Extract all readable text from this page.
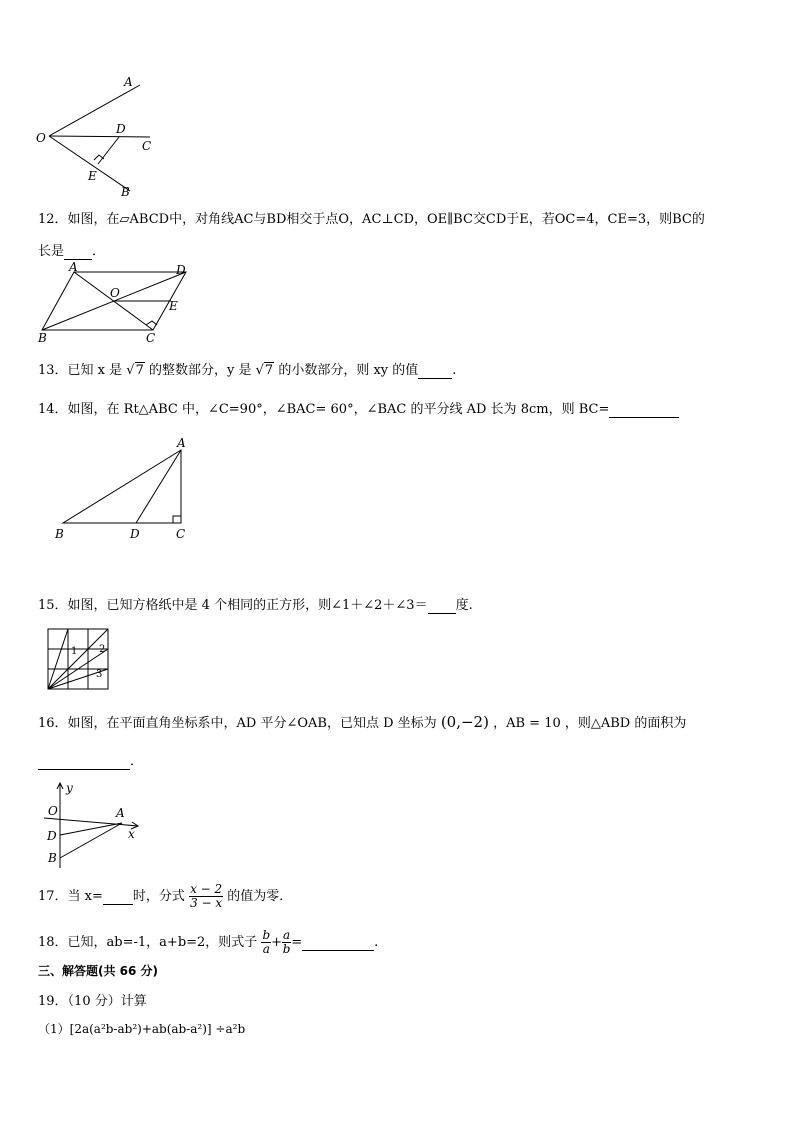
A
O
D
C
E
B
12．如图，在▱ABCD中，对角线AC与BD相交于点O，AC⊥CD，OE∥BC交CD于E，若OC=4，CE=3，则BC的
长是 ．
A	D
O
E
B	C
13．已知 x 是 √7 的整数部分，y 是 √7 的小数部分，则 xy 的值	.
14．如图，在 Rt△ABC 中，∠C=90°，∠BAC= 60°，∠BAC 的平分线 AD 长为 8cm，则 BC=
A
B	D	C
15．如图，已知方格纸中是 4 个相同的正方形，则∠1＋∠2＋∠3＝ 度.
1 2
3
16．如图，在平面直角坐标系中，AD 平分∠OAB，已知点 D 坐标为 (0,−2) ，AB = 10 ，则△ABD 的面积为
．
y
O	A
D	x
B
17．当 x= 时，分式 $\frac{x - 2}{3 - x}$ 的值为零．
18．已知，ab=-1，a+b=2，则式子 $\frac{b}{a} + \frac{a}{b}$ =	.
三、解答题(共 66 分)
19．（10 分）计算
（1）[2a(a²b-ab²)+ab(ab-a²)] ÷a²b
